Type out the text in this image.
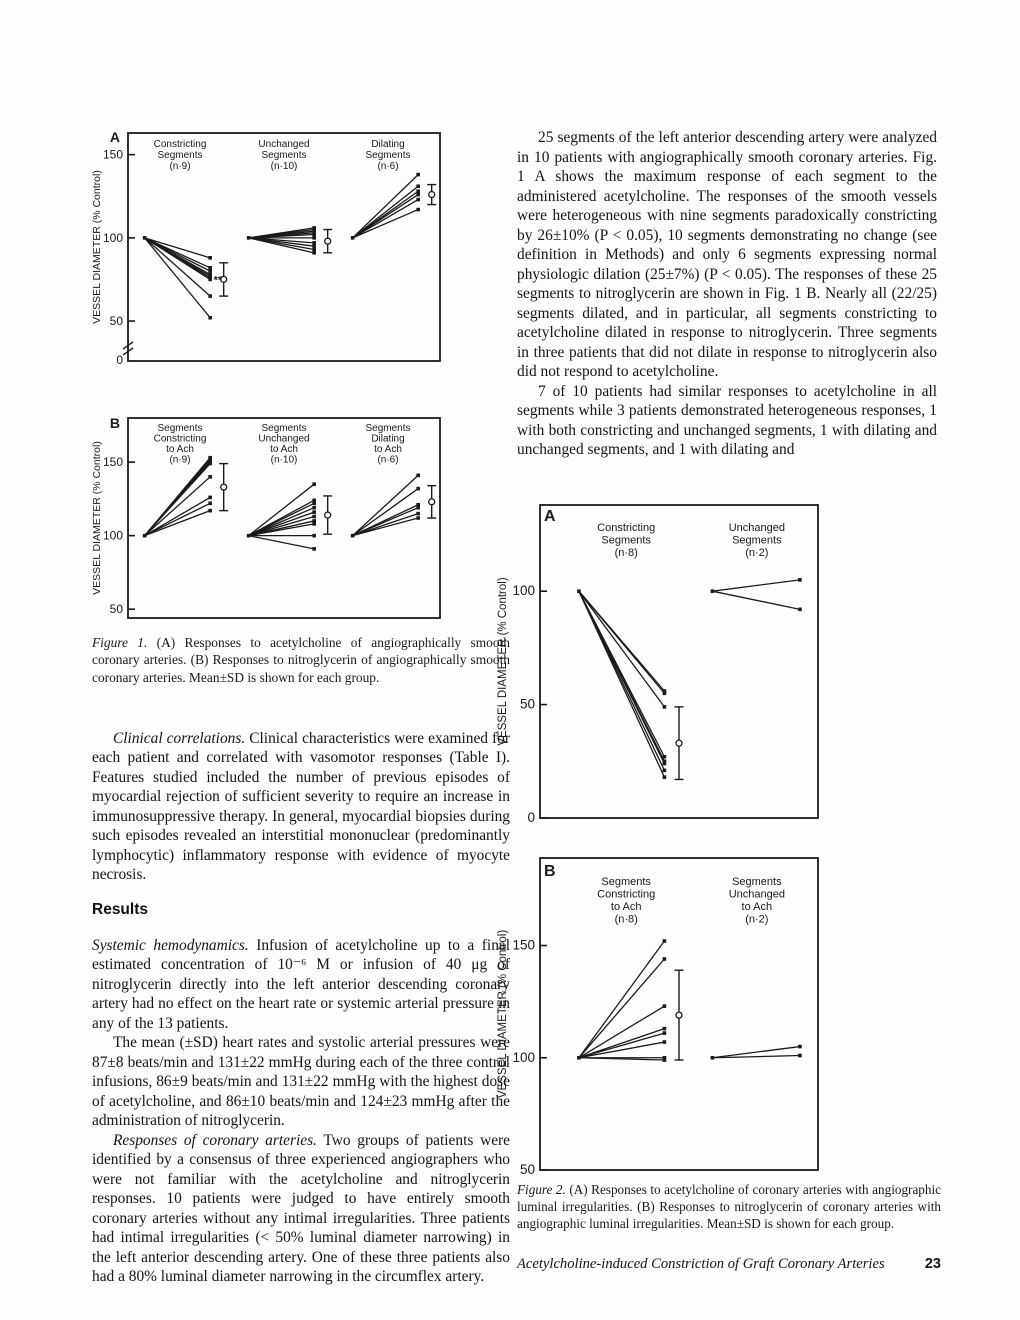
150
100
50
0
VESSEL DIAMETER (% Control)
A	Constricting
Segments
(n·9)
**
Unchanged
Segments
(n·10)
Dilating
Segments
(n·6)
150
100
50
VESSEL DIAMETER (% Control)
B	Segments
Constricting
to Ach
(n·9)
Segments
Unchanged
to Ach
(n·10)
Segments
Dilating
to Ach
(n·6)
100
50
0
VESSEL DIAMETER (% Control)
A
Constricting
Segments
(n·8)
Unchanged
Segments
(n·2)
150
100
50
VESSEL DIAMETER (% Control)
B
Segments
Constricting
to Ach
(n·8)
Segments
Unchanged
to Ach
(n·2)

Figure 1. (A) Responses to acetylcholine of angiographically smooth coronary arteries. (B) Responses to nitroglycerin of angiographically smooth coronary arteries. Mean±SD is shown for each group.

Clinical correlations. Clinical characteristics were examined for each patient and correlated with vasomotor responses (Table I). Features studied included the number of previous episodes of myocardial rejection of sufficient severity to require an increase in immunosuppressive therapy. In general, myocardial biopsies during such episodes revealed an interstitial mononuclear (predominantly lymphocytic) inflammatory response with evidence of myocyte necrosis.

Results

Systemic hemodynamics. Infusion of acetylcholine up to a final estimated concentration of 10⁻⁶ M or infusion of 40 μg of nitroglycerin directly into the left anterior descending coronary artery had no effect on the heart rate or systemic arterial pressure in any of the 13 patients.

The mean (±SD) heart rates and systolic arterial pressures were 87±8 beats/min and 131±22 mmHg during each of the three control infusions, 86±9 beats/min and 131±22 mmHg with the highest dose of acetylcholine, and 86±10 beats/min and 124±23 mmHg after the administration of nitroglycerin.

Responses of coronary arteries. Two groups of patients were identified by a consensus of three experienced angiographers who were not familiar with the acetylcholine and nitroglycerin responses. 10 patients were judged to have entirely smooth coronary arteries without any intimal irregularities. Three patients had intimal irregularities (< 50% luminal diameter narrowing) in the left anterior descending artery. One of these three patients also had a 80% luminal diameter narrowing in the circumflex artery.

25 segments of the left anterior descending artery were analyzed in 10 patients with angiographically smooth coronary arteries. Fig. 1 A shows the maximum response of each segment to the administered acetylcholine. The responses of the smooth vessels were heterogeneous with nine segments paradoxically constricting by 26±10% (P < 0.05), 10 segments demonstrating no change (see definition in Methods) and only 6 segments expressing normal physiologic dilation (25±7%) (P < 0.05). The responses of these 25 segments to nitroglycerin are shown in Fig. 1 B. Nearly all (22/25) segments dilated, and in particular, all segments constricting to acetylcholine dilated in response to nitroglycerin. Three segments in three patients that did not dilate in response to nitroglycerin also did not respond to acetylcholine.

7 of 10 patients had similar responses to acetylcholine in all segments while 3 patients demonstrated heterogeneous responses, 1 with both constricting and unchanged segments, 1 with dilating and unchanged segments, and 1 with dilating and

Figure 2. (A) Responses to acetylcholine of coronary arteries with angiographic luminal irregularities. (B) Responses to nitroglycerin of coronary arteries with angiographic luminal irregularities. Mean±SD is shown for each group.

Acetylcholine-induced Constriction of Graft Coronary Arteries	23
